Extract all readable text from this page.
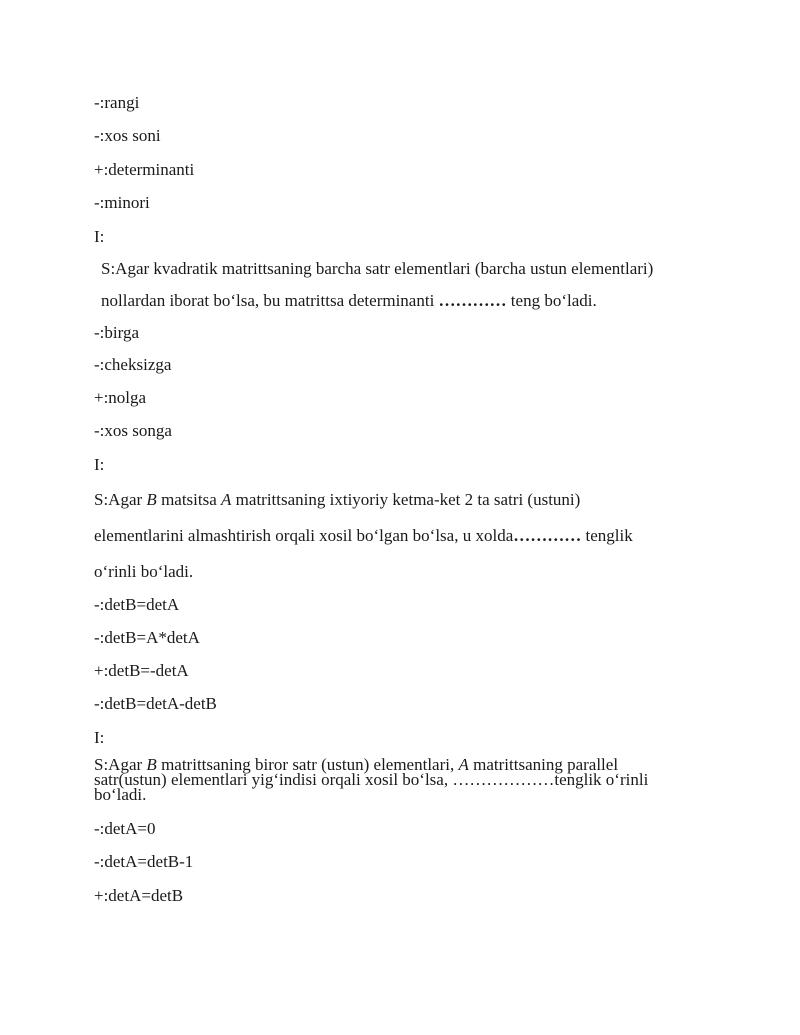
-:rangi
-:xos soni
+:determinanti
-:minori
I:
S:Agar kvadratik matrittsaning barcha satr elementlari (barcha ustun elementlari)
nollardan iborat bo‘lsa, bu matrittsa determinanti ………… teng bo‘ladi.
-:birga
-:cheksizga
+:nolga
-:xos songa
I:
S:Agar B matsitsa A matrittsaning ixtiyoriy ketma-ket 2 ta satri (ustuni)
elementlarini almashtirish orqali xosil bo‘lgan bo‘lsa, u xolda………… tenglik
o‘rinli bo‘ladi.
-:detB=detA
-:detB=A*detA
+:detB=-detA
-:detB=detA-detB
I:
S:Agar B matrittsaning biror satr (ustun) elementlari, A matrittsaning parallel
satr(ustun) elementlari yig‘indisi orqali xosil bo‘lsa, ………………tenglik o‘rinli
bo‘ladi.
-:detA=0
-:detA=detB-1
+:detA=detB
